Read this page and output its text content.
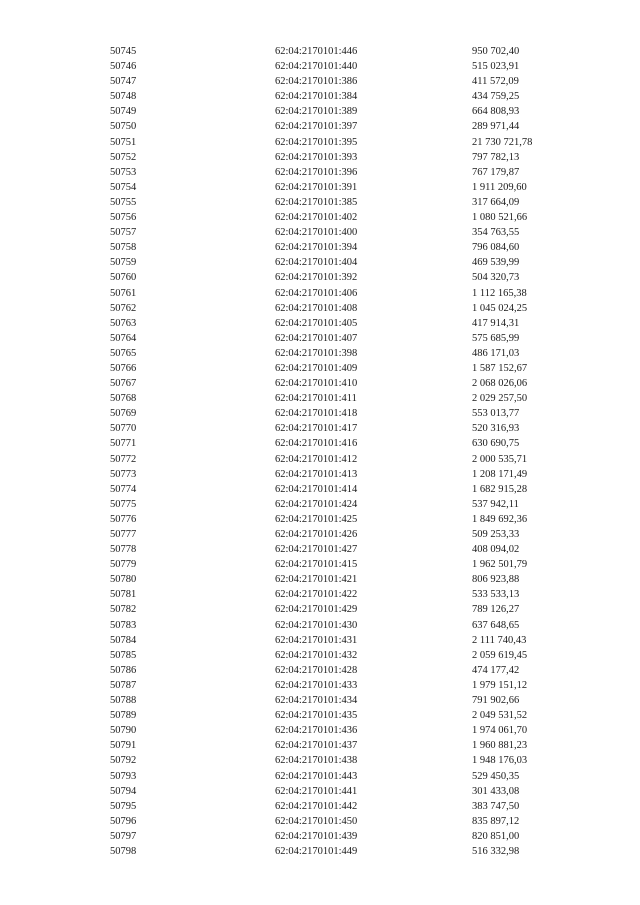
50745	62:04:2170101:446	950 702,40
50746	62:04:2170101:440	515 023,91
50747	62:04:2170101:386	411 572,09
50748	62:04:2170101:384	434 759,25
50749	62:04:2170101:389	664 808,93
50750	62:04:2170101:397	289 971,44
50751	62:04:2170101:395	21 730 721,78
50752	62:04:2170101:393	797 782,13
50753	62:04:2170101:396	767 179,87
50754	62:04:2170101:391	1 911 209,60
50755	62:04:2170101:385	317 664,09
50756	62:04:2170101:402	1 080 521,66
50757	62:04:2170101:400	354 763,55
50758	62:04:2170101:394	796 084,60
50759	62:04:2170101:404	469 539,99
50760	62:04:2170101:392	504 320,73
50761	62:04:2170101:406	1 112 165,38
50762	62:04:2170101:408	1 045 024,25
50763	62:04:2170101:405	417 914,31
50764	62:04:2170101:407	575 685,99
50765	62:04:2170101:398	486 171,03
50766	62:04:2170101:409	1 587 152,67
50767	62:04:2170101:410	2 068 026,06
50768	62:04:2170101:411	2 029 257,50
50769	62:04:2170101:418	553 013,77
50770	62:04:2170101:417	520 316,93
50771	62:04:2170101:416	630 690,75
50772	62:04:2170101:412	2 000 535,71
50773	62:04:2170101:413	1 208 171,49
50774	62:04:2170101:414	1 682 915,28
50775	62:04:2170101:424	537 942,11
50776	62:04:2170101:425	1 849 692,36
50777	62:04:2170101:426	509 253,33
50778	62:04:2170101:427	408 094,02
50779	62:04:2170101:415	1 962 501,79
50780	62:04:2170101:421	806 923,88
50781	62:04:2170101:422	533 533,13
50782	62:04:2170101:429	789 126,27
50783	62:04:2170101:430	637 648,65
50784	62:04:2170101:431	2 111 740,43
50785	62:04:2170101:432	2 059 619,45
50786	62:04:2170101:428	474 177,42
50787	62:04:2170101:433	1 979 151,12
50788	62:04:2170101:434	791 902,66
50789	62:04:2170101:435	2 049 531,52
50790	62:04:2170101:436	1 974 061,70
50791	62:04:2170101:437	1 960 881,23
50792	62:04:2170101:438	1 948 176,03
50793	62:04:2170101:443	529 450,35
50794	62:04:2170101:441	301 433,08
50795	62:04:2170101:442	383 747,50
50796	62:04:2170101:450	835 897,12
50797	62:04:2170101:439	820 851,00
50798	62:04:2170101:449	516 332,98
